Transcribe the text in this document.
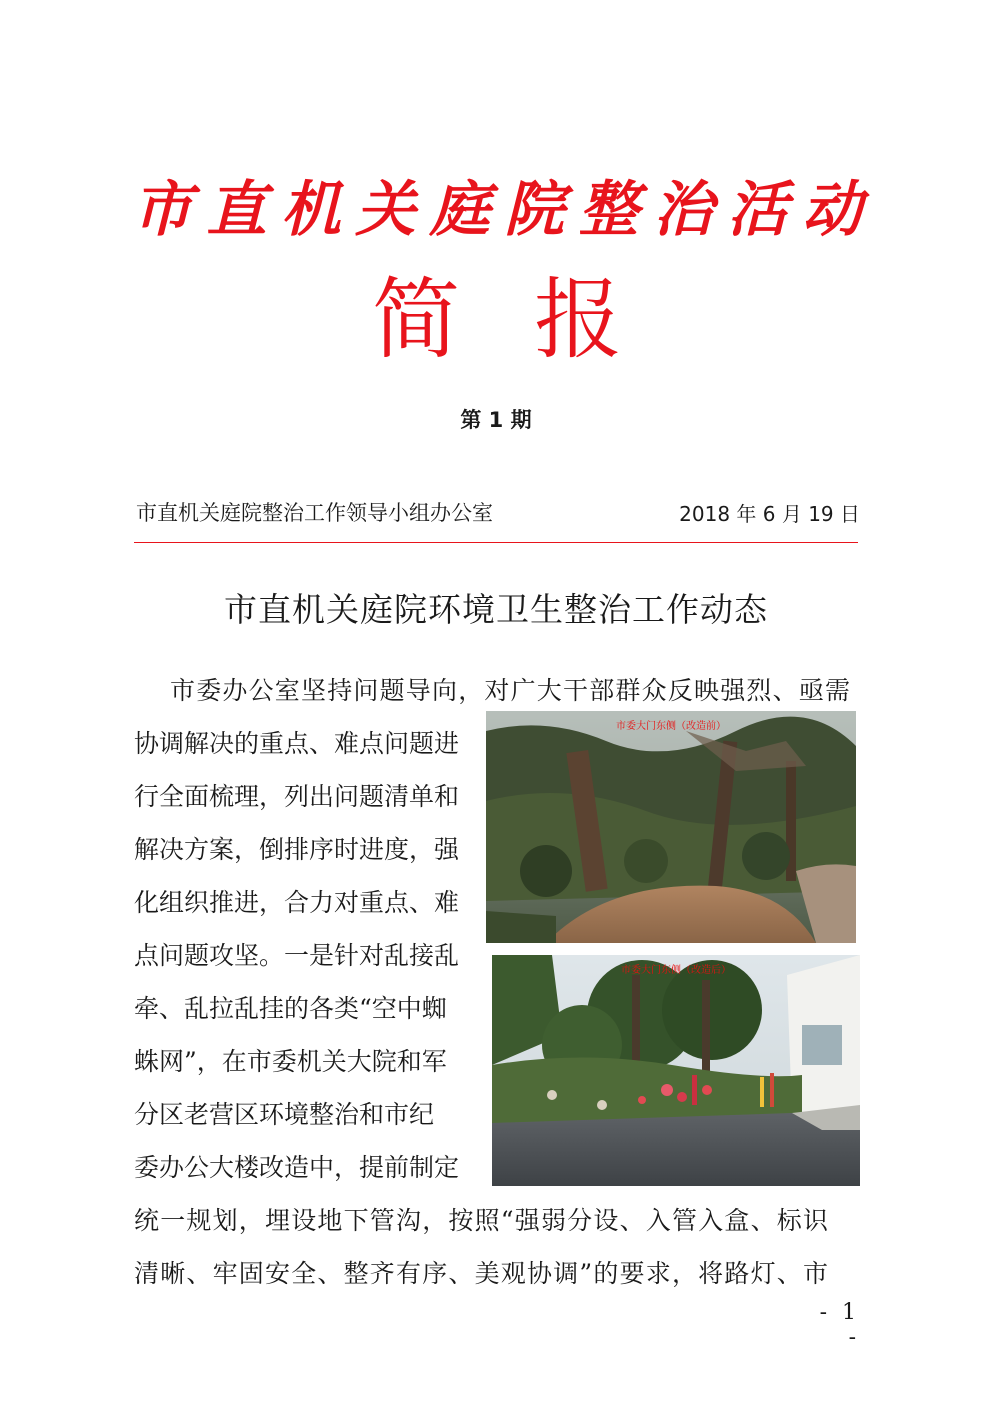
市 直 机 关 庭 院 整 治 活 动
简 报
第 1 期
市直机关庭院整治工作领导小组办公室	2018 年 6 月 19 日
市直机关庭院环境卫生整治工作动态
市委办公室坚持问题导向，对广大干部群众反映强烈、亟需
协调解决的重点、难点问题进
行全面梳理，列出问题清单和
解决方案，倒排序时进度，强
化组织推进，合力对重点、难
点问题攻坚。一是针对乱接乱
牵、乱拉乱挂的各类“空中蜘
蛛网”，在市委机关大院和军
分区老营区环境整治和市纪
委办公大楼改造中，提前制定
统一规划，埋设地下管沟，按照“强弱分设、入管入盒、标识
清晰、牢固安全、整齐有序、美观协调”的要求，将路灯、市
市委大门东侧（改造前）
市委大门东侧（改造后）
- 1 -
